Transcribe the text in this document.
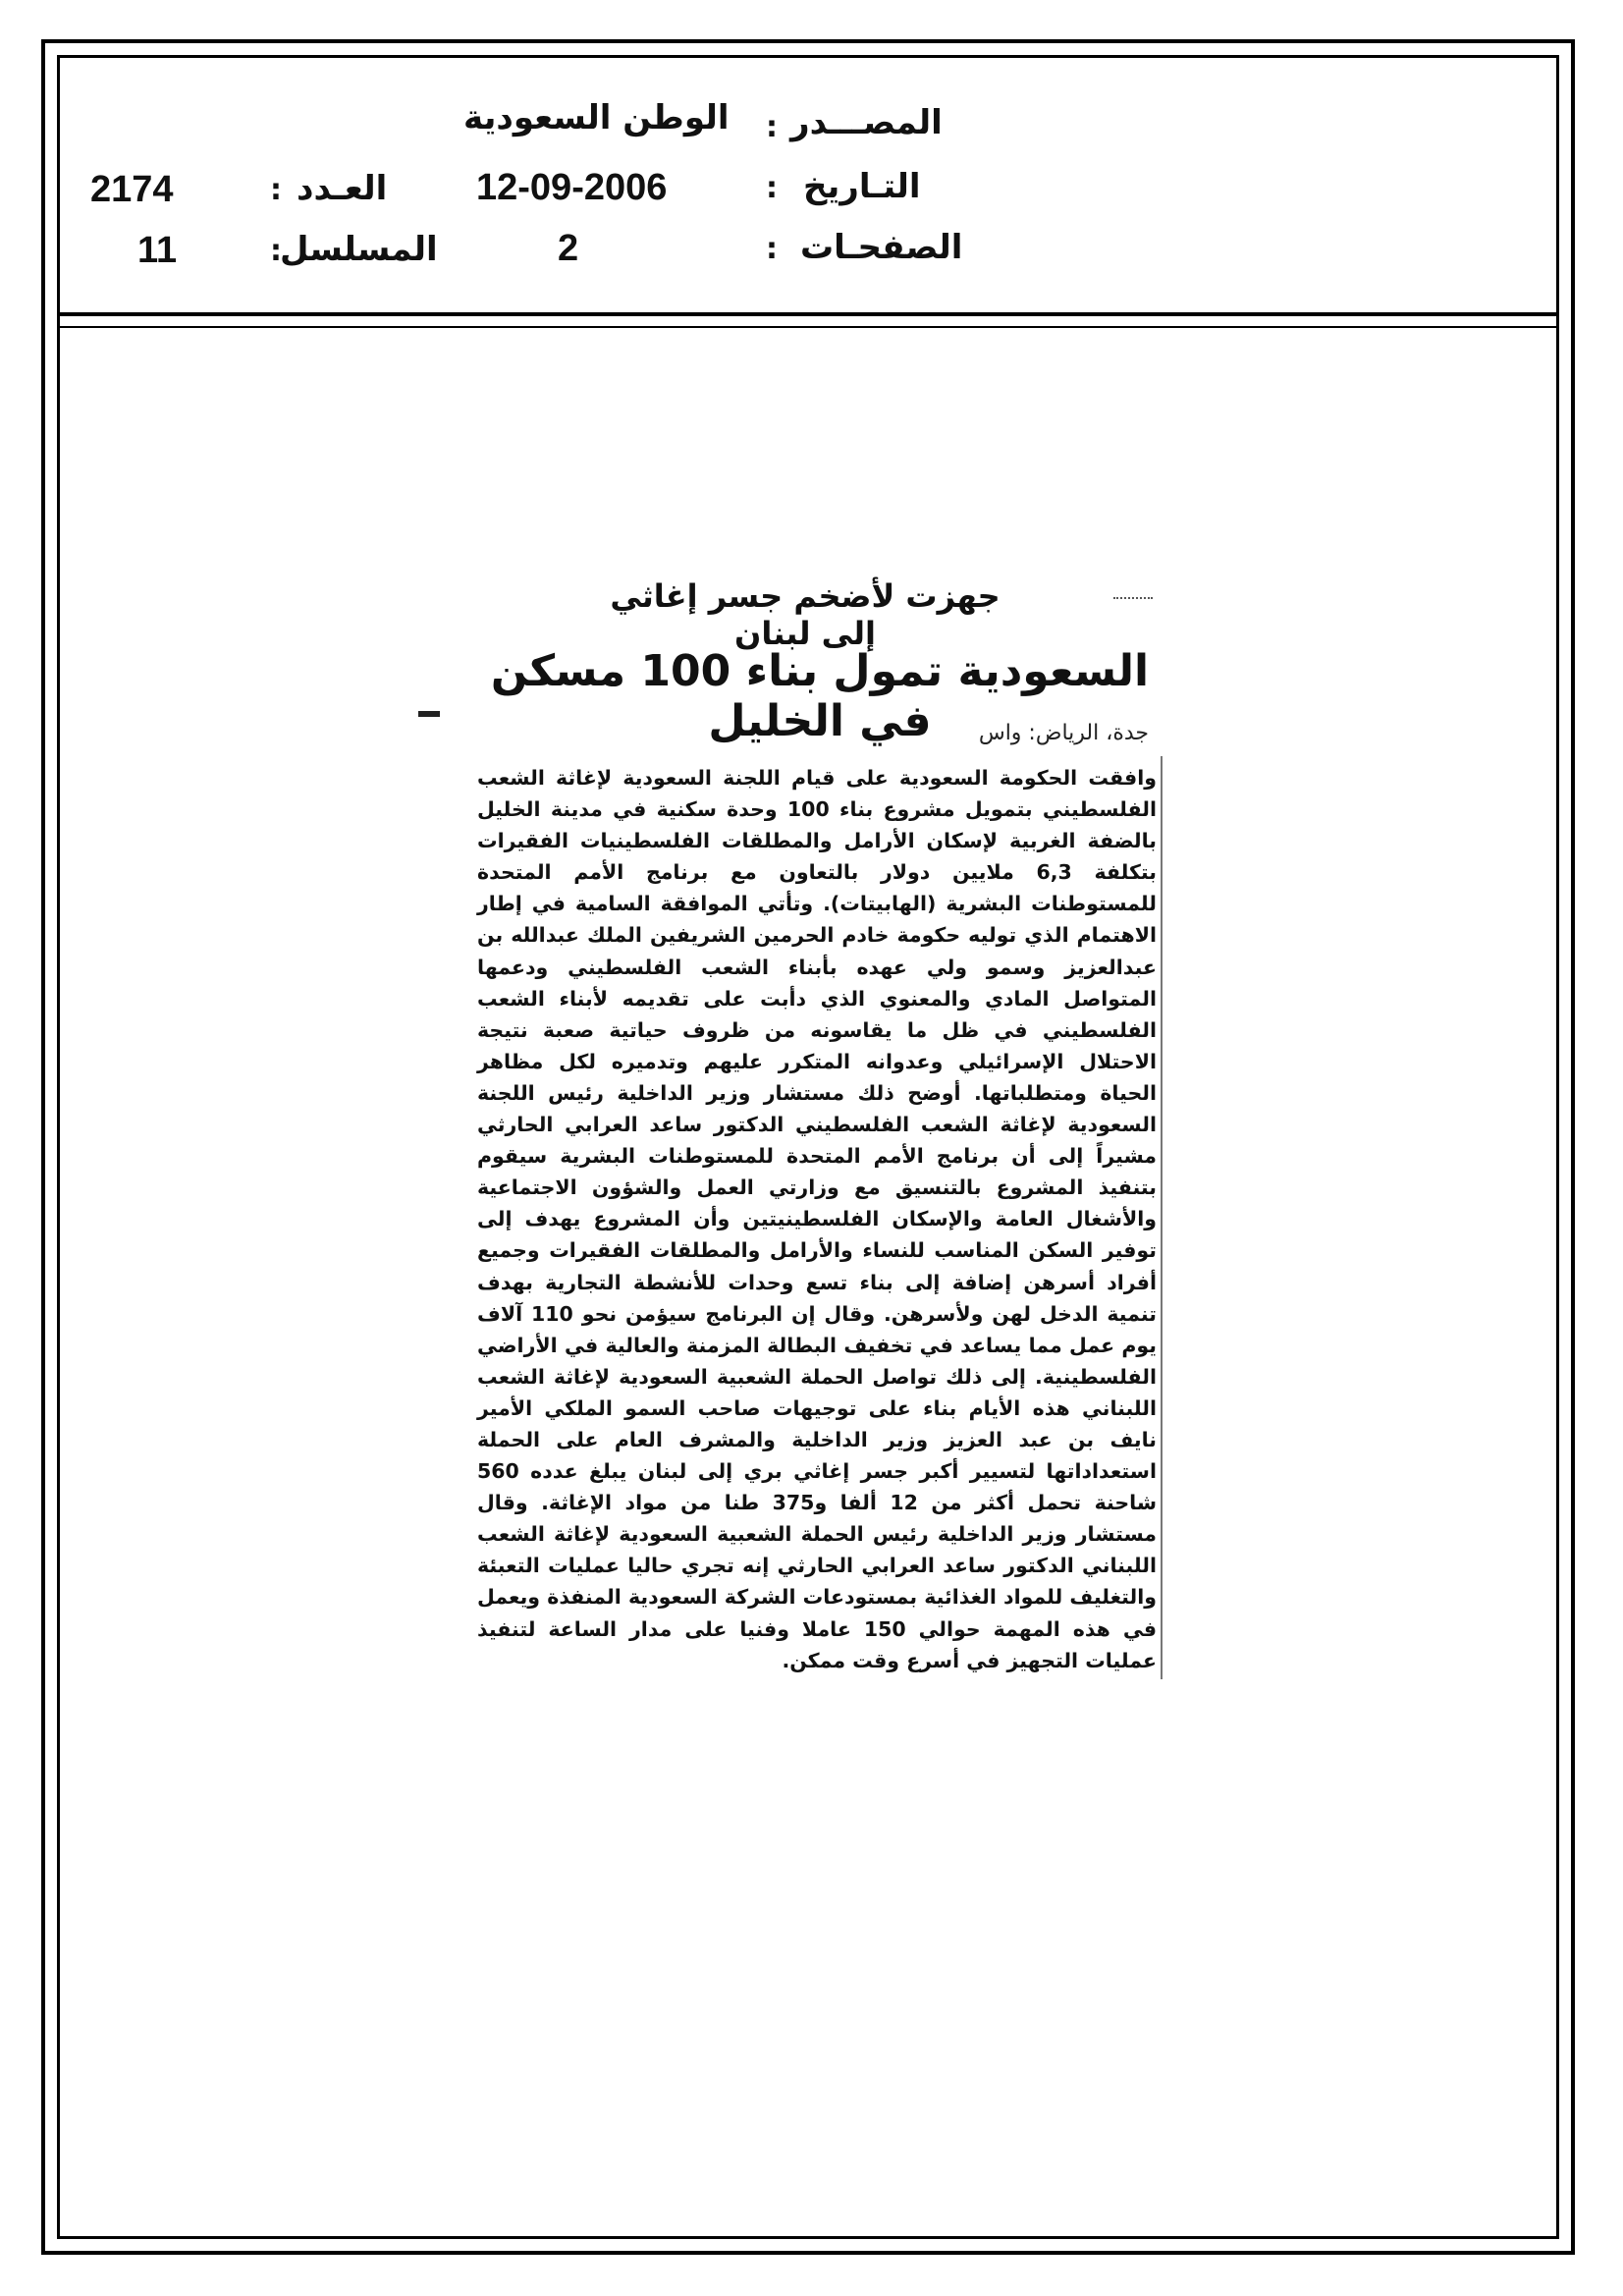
المصـــدر
:
الوطن السعودية
التـاريخ
:
12-09-2006
الصفحـات
:
2
العـدد
:
2174
المسلسل
:
11
جهزت لأضخم جسر إغاثي إلى لبنان
السعودية تمول بناء 100 مسكن في الخليل	جدة، الرياض: واس

وافقت الحكومة السعودية على قيام اللجنة السعودية لإغاثة الشعب الفلسطيني بتمويل مشروع بناء 100 وحدة سكنية في مدينة الخليل بالضفة الغربية لإسكان الأرامل والمطلقات الفلسطينيات الفقيرات بتكلفة 6,3 ملايين دولار بالتعاون مع برنامج الأمم المتحدة للمستوطنات البشرية (الهابيتات). وتأتي الموافقة السامية في إطار الاهتمام الذي توليه حكومة خادم الحرمين الشريفين الملك عبدالله بن عبدالعزيز وسمو ولي عهده بأبناء الشعب الفلسطيني ودعمها المتواصل المادي والمعنوي الذي دأبت على تقديمه لأبناء الشعب الفلسطيني في ظل ما يقاسونه من ظروف حياتية صعبة نتيجة الاحتلال الإسرائيلي وعدوانه المتكرر عليهم وتدميره لكل مظاهر الحياة ومتطلباتها. أوضح ذلك مستشار وزير الداخلية رئيس اللجنة السعودية لإغاثة الشعب الفلسطيني الدكتور ساعد العرابي الحارثي مشيراً إلى أن برنامج الأمم المتحدة للمستوطنات البشرية سيقوم بتنفيذ المشروع بالتنسيق مع وزارتي العمل والشؤون الاجتماعية والأشغال العامة والإسكان الفلسطينيتين وأن المشروع يهدف إلى توفير السكن المناسب للنساء والأرامل والمطلقات الفقيرات وجميع أفراد أسرهن إضافة إلى بناء تسع وحدات للأنشطة التجارية بهدف تنمية الدخل لهن ولأسرهن. وقال إن البرنامج سيؤمن نحو 110 آلاف يوم عمل مما يساعد في تخفيف البطالة المزمنة والعالية في الأراضي الفلسطينية. إلى ذلك تواصل الحملة الشعبية السعودية لإغاثة الشعب اللبناني هذه الأيام بناء على توجيهات صاحب السمو الملكي الأمير نايف بن عبد العزيز وزير الداخلية والمشرف العام على الحملة استعداداتها لتسيير أكبر جسر إغاثي بري إلى لبنان يبلغ عدده 560 شاحنة تحمل أكثر من 12 ألفا و375 طنا من مواد الإغاثة. وقال مستشار وزير الداخلية رئيس الحملة الشعبية السعودية لإغاثة الشعب اللبناني الدكتور ساعد العرابي الحارثي إنه تجري حاليا عمليات التعبئة والتغليف للمواد الغذائية بمستودعات الشركة السعودية المنفذة ويعمل في هذه المهمة حوالي 150 عاملا وفنيا على مدار الساعة لتنفيذ عمليات التجهيز في أسرع وقت ممكن.
